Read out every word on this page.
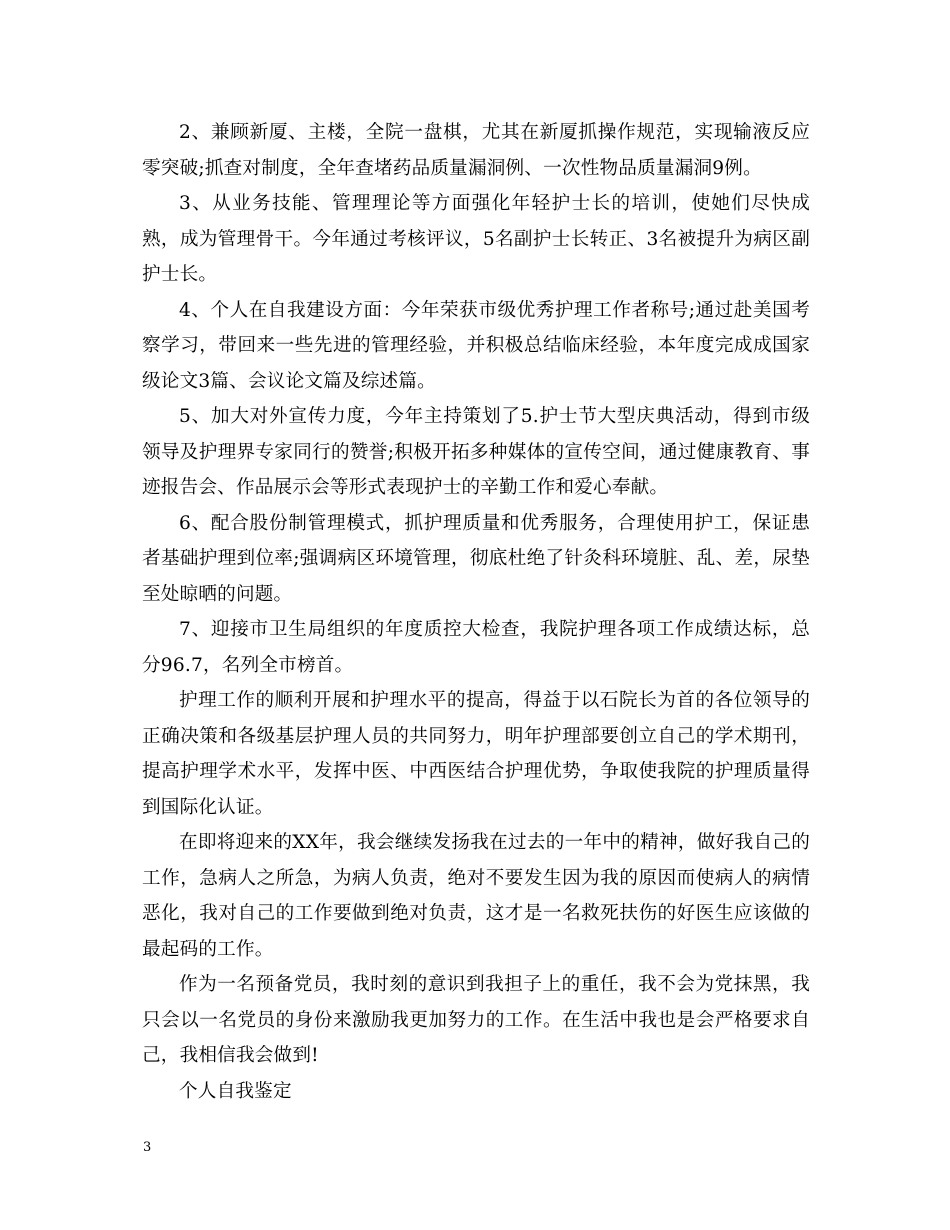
2、兼顾新厦、主楼，全院一盘棋，尤其在新厦抓操作规范，实现输液反应零突破;抓查对制度，全年查堵药品质量漏洞例、一次性物品质量漏洞9例。

3、从业务技能、管理理论等方面强化年轻护士长的培训，使她们尽快成熟，成为管理骨干。今年通过考核评议，5名副护士长转正、3名被提升为病区副护士长。

4、个人在自我建设方面：今年荣获市级优秀护理工作者称号;通过赴美国考察学习，带回来一些先进的管理经验，并积极总结临床经验，本年度完成成国家级论文3篇、会议论文篇及综述篇。

5、加大对外宣传力度，今年主持策划了5.护士节大型庆典活动，得到市级领导及护理界专家同行的赞誉;积极开拓多种媒体的宣传空间，通过健康教育、事迹报告会、作品展示会等形式表现护士的辛勤工作和爱心奉献。

6、配合股份制管理模式，抓护理质量和优秀服务，合理使用护工，保证患者基础护理到位率;强调病区环境管理，彻底杜绝了针灸科环境脏、乱、差，尿垫至处晾晒的问题。

7、迎接市卫生局组织的年度质控大检查，我院护理各项工作成绩达标，总分96.7，名列全市榜首。

护理工作的顺利开展和护理水平的提高，得益于以石院长为首的各位领导的正确决策和各级基层护理人员的共同努力，明年护理部要创立自己的学术期刊，提高护理学术水平，发挥中医、中西医结合护理优势，争取使我院的护理质量得到国际化认证。

在即将迎来的XX年，我会继续发扬我在过去的一年中的精神，做好我自己的工作，急病人之所急，为病人负责，绝对不要发生因为我的原因而使病人的病情恶化，我对自己的工作要做到绝对负责，这才是一名救死扶伤的好医生应该做的最起码的工作。

作为一名预备党员，我时刻的意识到我担子上的重任，我不会为党抹黑，我只会以一名党员的身份来激励我更加努力的工作。在生活中我也是会严格要求自己，我相信我会做到!

个人自我鉴定

3
